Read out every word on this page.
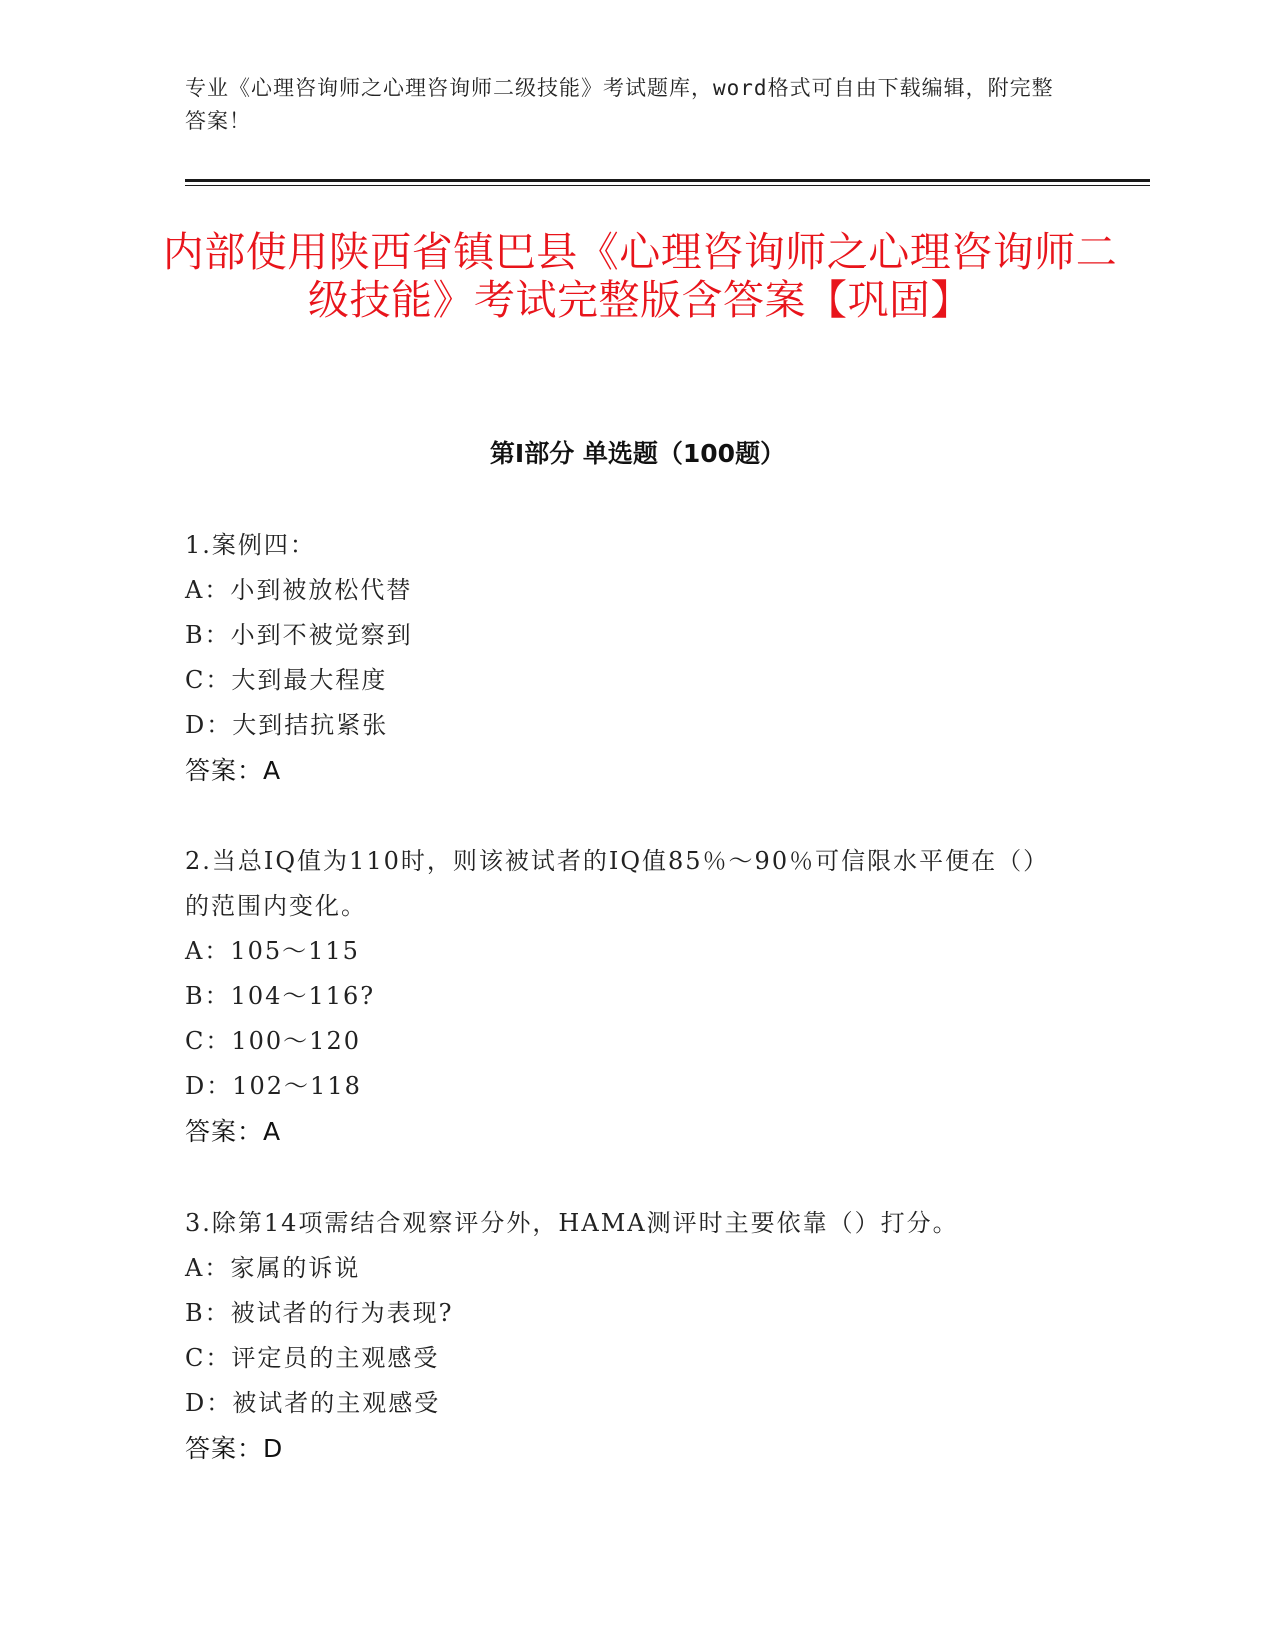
专业《心理咨询师之心理咨询师二级技能》考试题库，word格式可自由下载编辑，附完整答案！
内部使用陕西省镇巴县《心理咨询师之心理咨询师二级技能》考试完整版含答案【巩固】
第I部分 单选题（100题）
1.案例四：
A：小到被放松代替
B：小到不被觉察到
C：大到最大程度
D：大到拮抗紧张
答案：A
2.当总IQ值为110时，则该被试者的IQ值85％～90％可信限水平便在（）的范围内变化。
A：105～115
B：104～116?
C：100～120
D：102～118
答案：A
3.除第14项需结合观察评分外，HAMA测评时主要依靠（）打分。
A：家属的诉说
B：被试者的行为表现?
C：评定员的主观感受
D：被试者的主观感受
答案：D
